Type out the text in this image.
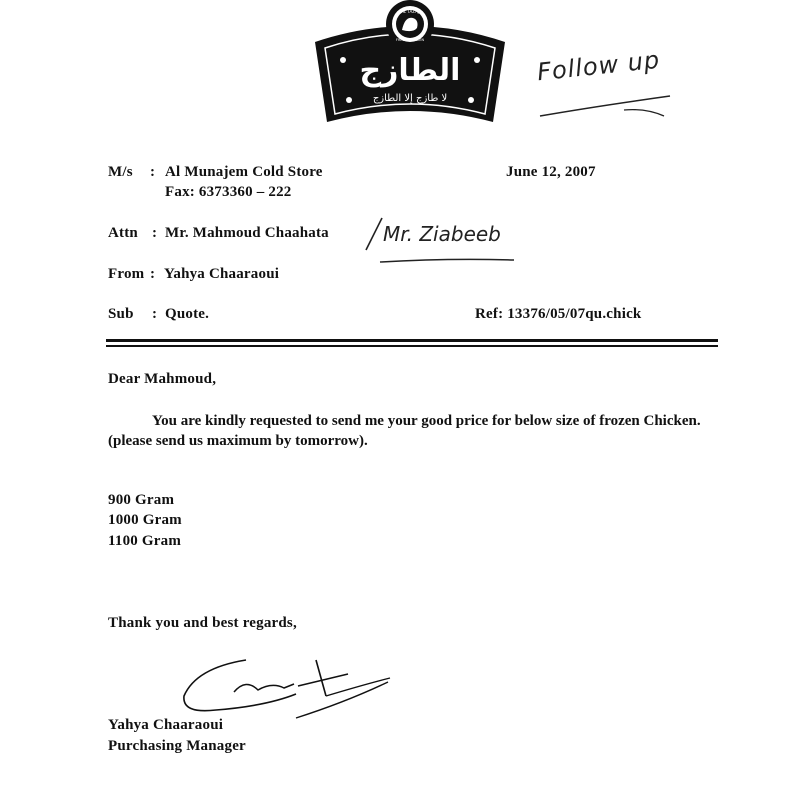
الطازج
لا طازج إلا الطازج
AL TAZAJ
FRESH CHICKEN
Follow up
M/s : Al Munajem Cold Store
Fax: 6373360 – 222
June 12, 2007
Attn : Mr. Mahmoud Chaahata	Mr. Ziabeeb
From : Yahya Chaaraoui
Sub : Quote.	Ref: 13376/05/07qu.chick
Dear Mahmoud,
You are kindly requested to send me your good price for below size of frozen Chicken. (please send us maximum by tomorrow).
900 Gram
1000 Gram
1100 Gram
Thank you and best regards,
Yahya Chaaraoui
Purchasing Manager
